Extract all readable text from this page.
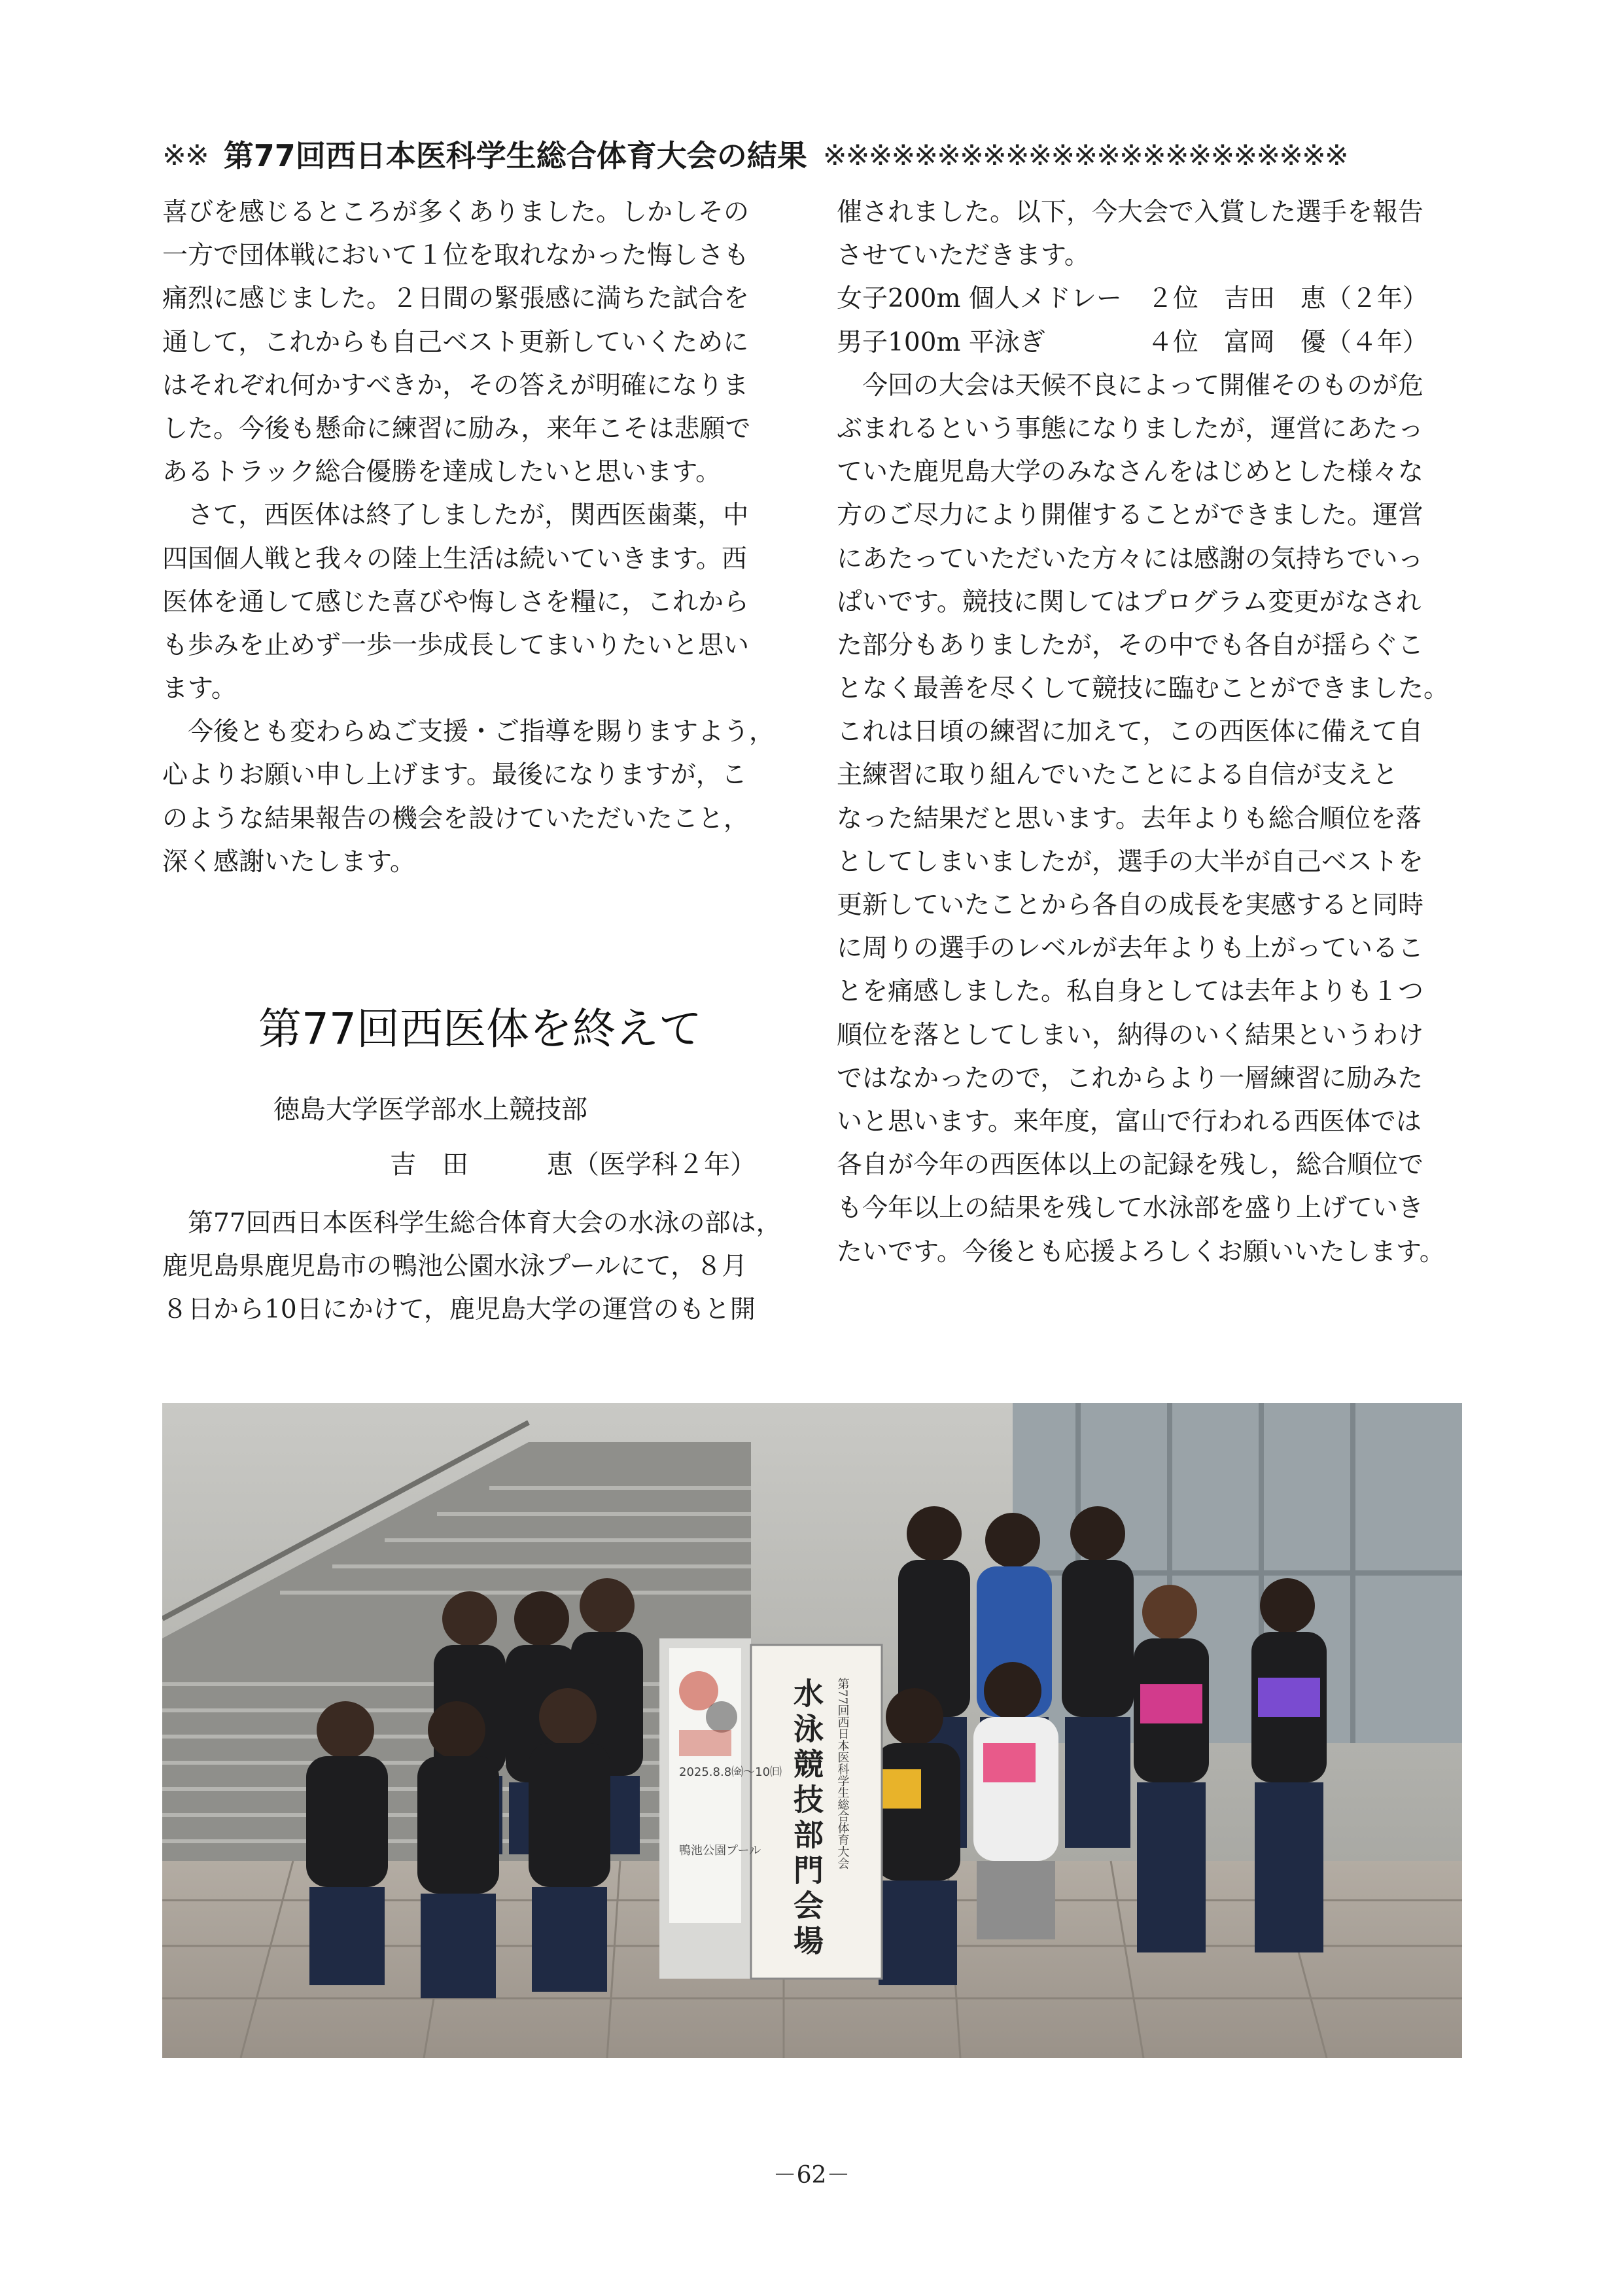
※※ 第77回西日本医科学生総合体育大会の結果 ※※※※※※※※※※※※※※※※※※※※※※※

喜びを感じるところが多くありました。しかしその

一方で団体戦において１位を取れなかった悔しさも

痛烈に感じました。２日間の緊張感に満ちた試合を

通して，これからも自己ベスト更新していくために

はそれぞれ何かすべきか，その答えが明確になりま

した。今後も懸命に練習に励み，来年こそは悲願で

あるトラック総合優勝を達成したいと思います。

　さて，西医体は終了しましたが，関西医歯薬，中

四国個人戦と我々の陸上生活は続いていきます。西

医体を通して感じた喜びや悔しさを糧に，これから

も歩みを止めず一歩一歩成長してまいりたいと思い

ます。

　今後とも変わらぬご支援・ご指導を賜りますよう，

心よりお願い申し上げます。最後になりますが，こ

のような結果報告の機会を設けていただいたこと，

深く感謝いたします。

第77回西医体を終えて
徳島大学医学部水上競技部
吉　田　　　恵（医学科２年）

　第77回西日本医科学生総合体育大会の水泳の部は，

鹿児島県鹿児島市の鴨池公園水泳プールにて，８月

８日から10日にかけて，鹿児島大学の運営のもと開

催されました。以下，今大会で入賞した選手を報告

させていただきます。

女子200m 個人メドレー　２位　吉田　恵（２年）

男子100m 平泳ぎ　　　　４位　富岡　優（４年）

　今回の大会は天候不良によって開催そのものが危

ぶまれるという事態になりましたが，運営にあたっ

ていた鹿児島大学のみなさんをはじめとした様々な

方のご尽力により開催することができました。運営

にあたっていただいた方々には感謝の気持ちでいっ

ぱいです。競技に関してはプログラム変更がなされ

た部分もありましたが，その中でも各自が揺らぐこ

となく最善を尽くして競技に臨むことができました。

これは日頃の練習に加えて，この西医体に備えて自

主練習に取り組んでいたことによる自信が支えと

なった結果だと思います。去年よりも総合順位を落

としてしまいましたが，選手の大半が自己ベストを

更新していたことから各自の成長を実感すると同時

に周りの選手のレベルが去年よりも上がっているこ

とを痛感しました。私自身としては去年よりも１つ

順位を落としてしまい，納得のいく結果というわけ

ではなかったので，これからより一層練習に励みた

いと思います。来年度，富山で行われる西医体では

各自が今年の西医体以上の記録を残し，総合順位で

も今年以上の結果を残して水泳部を盛り上げていき

たいです。今後とも応援よろしくお願いいたします。

第77回西日本医科学生総合体育大会
水泳競技部門会場
2025.8.8㈮〜10㈰
鴨池公園プール
－62－
